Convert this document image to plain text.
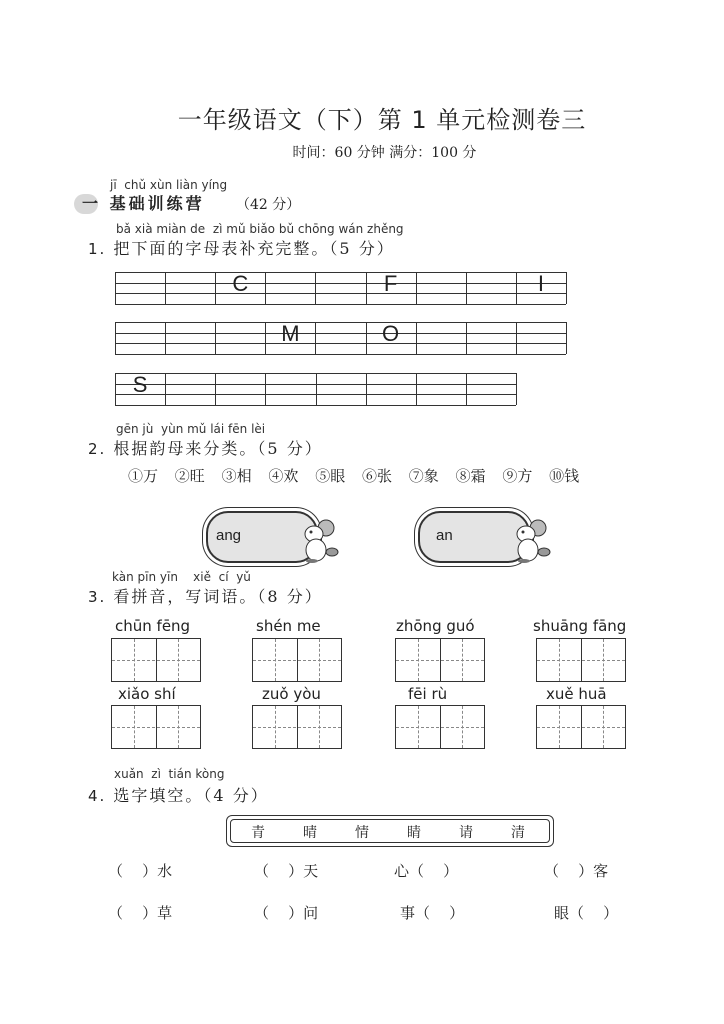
一年级语文（下）第 1 单元检测卷三
时间：60 分钟 满分：100 分
jī  chǔ xùn liàn yíng
一 基础训练营 （42 分）
bǎ xià miàn de  zì mǔ biǎo bǔ chōng wán zhěng
1. 把下面的字母表补充完整。（5 分）
C	F	I
M	O
S
gēn jù  yùn mǔ lái fēn lèi
2. 根据韵母来分类。（5 分）
①万 ②旺 ③相 ④欢 ⑤眼 ⑥张 ⑦象 ⑧霜 ⑨方 ⑩钱
ang	an
kàn pīn yīn    xiě  cí  yǔ
3. 看拼音，写词语。（8 分）
chūn fēng	shén me	zhōng guó	shuāng fāng
xiǎo shí	zuǒ yòu	fēi rù	xuě huā
xuǎn  zì  tián kòng
4. 选字填空。（4 分）
青	晴	情	睛	请	清
（    ）水	（    ）天	心（    ）	（    ）客
（    ）草	（    ）问	事（    ）	眼（    ）
